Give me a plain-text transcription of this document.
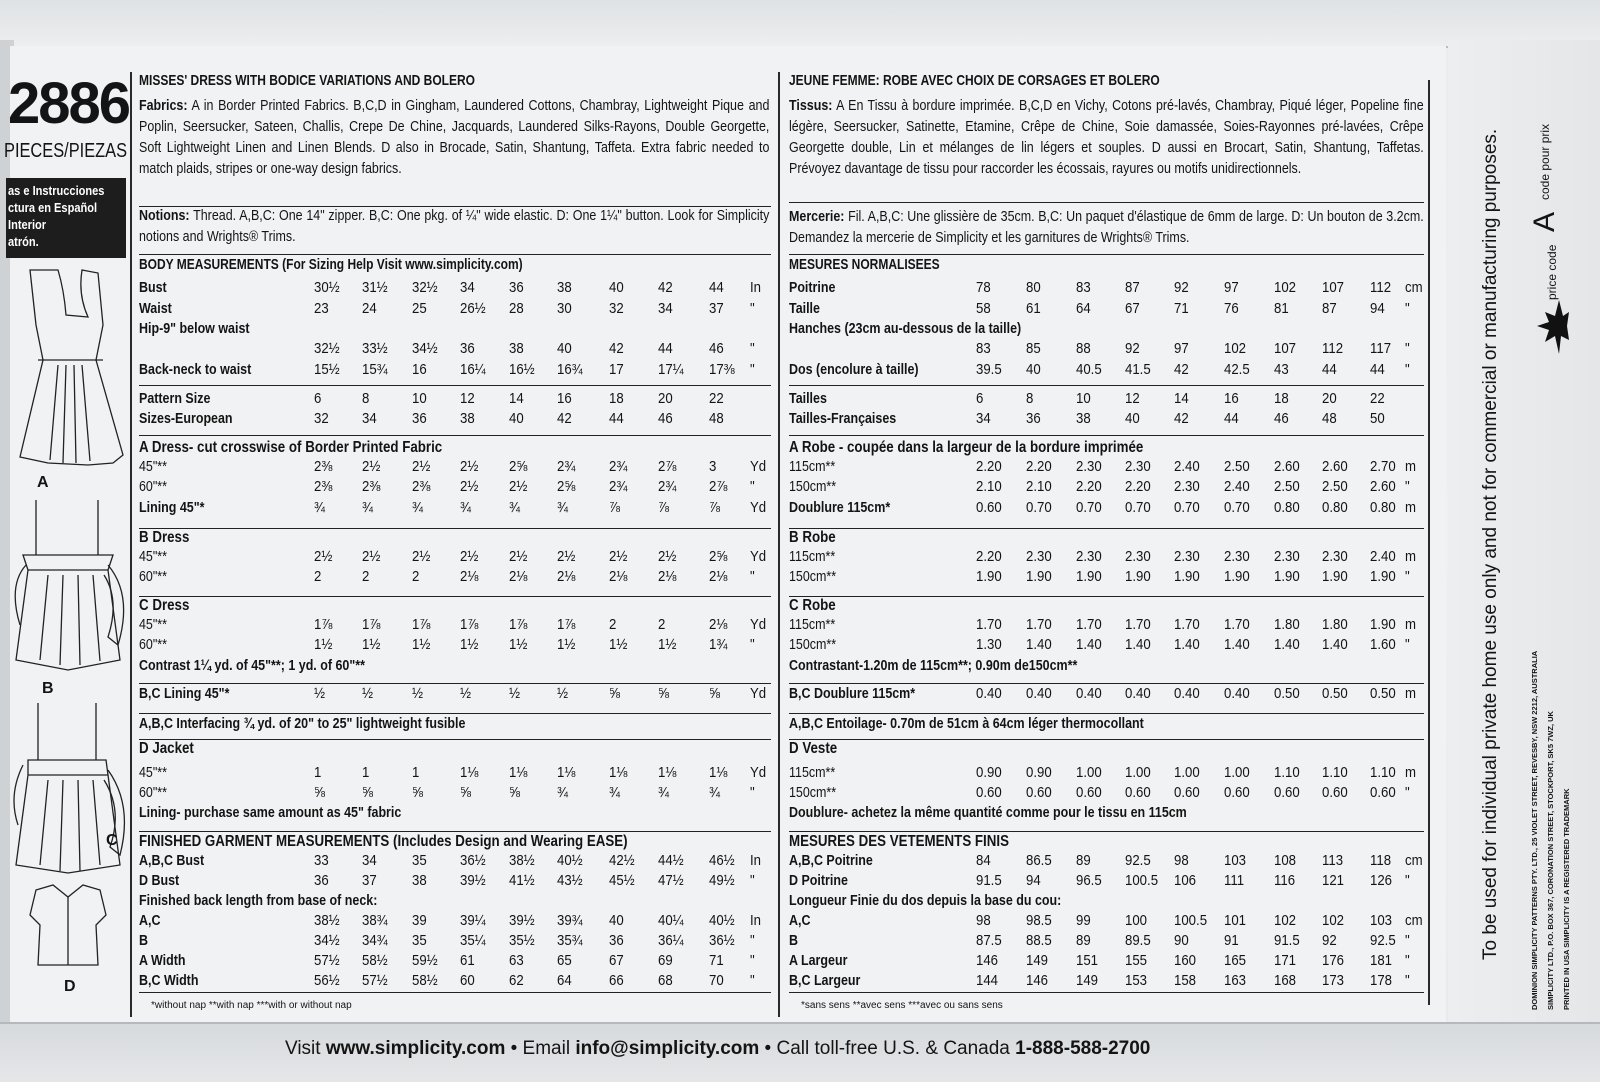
2886
PIECES/PIEZAS
as e Instrucciones
ctura en Español
Interior
atrón.
A
B
C
D
MISSES' DRESS WITH BODICE VARIATIONS AND BOLERO
Fabrics: A in Border Printed Fabrics. B,C,D in Gingham, Laundered Cottons, Chambray, Lightweight Pique and Poplin, Seersucker, Sateen, Challis, Crepe De Chine, Jacquards, Laundered Silks-Rayons, Double Georgette, Soft Lightweight Linen and Linen Blends. D also in Brocade, Satin, Shantung, Taffeta. Extra fabric needed to match plaids, stripes or one-way design fabrics.
Notions: Thread. A,B,C: One 14" zipper. B,C: One pkg. of ¼" wide elastic. D: One 1¼" button. Look for Simplicity notions and Wrights® Trims.
BODY MEASUREMENTS (For Sizing Help Visit www.simplicity.com)
Bust	30½ 31½ 32½ 34 36 38 40 42 44 In
Waist	23 24 25 26½ 28 30 32 34 37 "
Hip-9" below waist
32½ 33½ 34½ 36 38 40 42 44 46 "
Back-neck to waist	15½ 15¾ 16 16¼ 16½ 16¾ 17 17¼ 17⅜ "
Pattern Size	6	8	10 12 14 16 18 20 22
Sizes-European	32 34 36 38 40 42 44 46 48
A Dress- cut crosswise of Border Printed Fabric
45"**	2⅜ 2½ 2½ 2½ 2⅝ 2¾ 2¾ 2⅞ 3 Yd
60"**	2⅜ 2⅜ 2⅜ 2½ 2½ 2⅝ 2¾ 2¾ 2⅞ "
Lining 45"*	¾ ¾	¾ ¾	¾ ¾	⅞	⅞	⅞ Yd
B Dress
45"**	2½ 2½ 2½ 2½ 2½ 2½ 2½ 2½ 2⅝ Yd
60"**	2	2	2	2⅛ 2⅛ 2⅛ 2⅛ 2⅛ 2⅛ "
C Dress
45"**	1⅞ 1⅞ 1⅞ 1⅞ 1⅞ 1⅞ 2	2	2⅛ Yd
60"**	1½ 1½ 1½ 1½ 1½ 1½ 1½ 1½ 1¾ "
Contrast 1¼ yd. of 45"**; 1 yd. of 60"**
B,C Lining 45"*	½ ½	½ ½	½ ½	⅝	⅝	⅝ Yd
A,B,C Interfacing ¾ yd. of 20" to 25" lightweight fusible
D Jacket
45"**	1	1	1	1⅛ 1⅛ 1⅛ 1⅛ 1⅛ 1⅛ Yd
60"**	⅝ ⅝	⅝ ⅝	⅝ ¾	¾	¾	¾ "
Lining- purchase same amount as 45" fabric
FINISHED GARMENT MEASUREMENTS (Includes Design and Wearing EASE)
A,B,C Bust	33 34 35 36½ 38½ 40½ 42½ 44½ 46½ In
D Bust	36 37 38 39½ 41½ 43½ 45½ 47½ 49½ "
Finished back length from base of neck:
A,C	38½ 38¾ 39 39¼ 39½ 39¾ 40 40¼ 40½ In
B	34½ 34¾ 35 35¼ 35½ 35¾ 36 36¼ 36½ "
A Width	57½ 58½ 59½ 61 63 65 67 69 71 "
B,C Width	56½ 57½ 58½ 60 62 64 66 68 70 "
*without nap **with nap ***with or without nap
JEUNE FEMME: ROBE AVEC CHOIX DE CORSAGES ET BOLERO
Tissus: A En Tissu à bordure imprimée. B,C,D en Vichy, Cotons pré-lavés, Chambray, Piqué léger, Popeline fine légère, Seersucker, Satinette, Etamine, Crêpe de Chine, Soie damassée, Soies-Rayonnes pré-lavées, Crêpe Georgette double, Lin et mélanges de lin légers et souples. D aussi en Brocart, Satin, Shantung, Taffetas. Prévoyez davantage de tissu pour raccorder les écossais, rayures ou motifs unidirectionnels.
Mercerie: Fil. A,B,C: Une glissière de 35cm. B,C: Un paquet d'élastique de 6mm de large. D: Un bouton de 3.2cm. Demandez la mercerie de Simplicity et les garnitures de Wrights® Trims.
MESURES NORMALISEES
Poitrine	78 80 83 87 92 97 102 107 112 cm
Taille	58 61 64 67 71 76 81 87 94 "
Hanches (23cm au-dessous de la taille)
83 85 88 92 97 102 107 112 117 "
Dos (encolure à taille)	39.5 40 40.5 41.5 42 42.5 43 44 44 "
Tailles	6	8	10 12 14 16 18 20 22
Tailles-Françaises	34 36 38 40 42 44 46 48 50
A Robe - coupée dans la largeur de la bordure imprimée
115cm**	2.20 2.20 2.30 2.30 2.40 2.50 2.60 2.60 2.70 m
150cm**	2.10 2.10 2.20 2.20 2.30 2.40 2.50 2.50 2.60 "
Doublure 115cm*	0.60 0.70 0.70 0.70 0.70 0.70 0.80 0.80 0.80 m
B Robe
115cm**	2.20 2.30 2.30 2.30 2.30 2.30 2.30 2.30 2.40 m
150cm**	1.90 1.90 1.90 1.90 1.90 1.90 1.90 1.90 1.90 "
C Robe
115cm**	1.70 1.70 1.70 1.70 1.70 1.70 1.80 1.80 1.90 m
150cm**	1.30 1.40 1.40 1.40 1.40 1.40 1.40 1.40 1.60 "
Contrastant-1.20m de 115cm**; 0.90m de150cm**
B,C Doublure 115cm*	0.40 0.40 0.40 0.40 0.40 0.40 0.50 0.50 0.50 m
A,B,C Entoilage- 0.70m de 51cm à 64cm léger thermocollant
D Veste
115cm**	0.90 0.90 1.00 1.00 1.00 1.00 1.10 1.10 1.10 m
150cm**	0.60 0.60 0.60 0.60 0.60 0.60 0.60 0.60 0.60 "
Doublure- achetez la même quantité comme pour le tissu en 115cm
MESURES DES VETEMENTS FINIS
A,B,C Poitrine	84 86.5 89 92.5 98 103 108 113 118 cm
D Poitrine	91.5 94 96.5 100.5 106 111 116 121 126 "
Longueur Finie du dos depuis la base du cou:
A,C	98 98.5 99 100 100.5 101 102 102 103 cm
B	87.5 88.5 89 89.5 90 91 91.5 92 92.5 "
A Largeur	146 149 151 155 160 165 171 176 181 "
B,C Largeur	144 146 149 153 158 163 168 173 178 "
*sans sens **avec sens ***avec ou sans sens
To be used for individual private home use only and not for commercial or manufacturing purposes.	price code
A
code pour prix
DOMINION SIMPLICITY PATTERNS PTY. LTD., 25 VIOLET STREET, REVESBY, NSW 2212, AUSTRALIA SIMPLICITY LTD., P.O. BOX 367, CORONATION STREET, STOCKPORT, SK5 7WZ, UK PRINTED IN USA SIMPLICITY IS A REGISTERED TRADEMARK
Visit www.simplicity.com • Email info@simplicity.com • Call toll-free U.S. & Canada 1-888-588-2700
